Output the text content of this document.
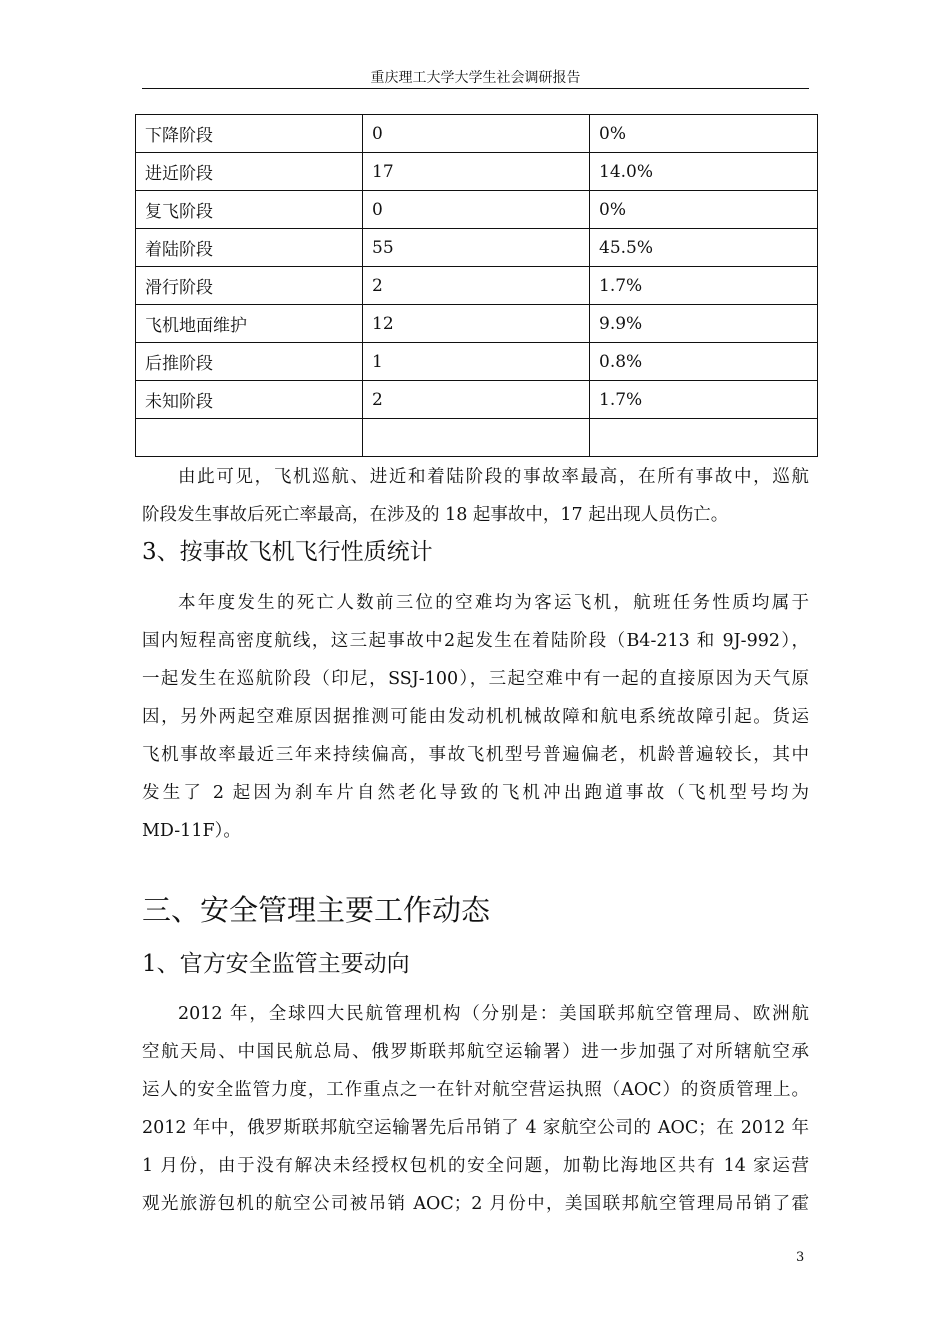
重庆理工大学大学生社会调研报告
下降阶段	0	0%
进近阶段	17	14.0%
复飞阶段	0	0%
着陆阶段	55	45.5%
滑行阶段	2	1.7%
飞机地面维护	12	9.9%
后推阶段	1	0.8%
未知阶段	2	1.7%

由此可见，飞机巡航、进近和着陆阶段的事故率最高，在所有事故中，巡航
阶段发生事故后死亡率最高，在涉及的 18 起事故中，17 起出现人员伤亡。
3、按事故飞机飞行性质统计
本年度发生的死亡人数前三位的空难均为客运飞机，航班任务性质均属于
国内短程高密度航线，这三起事故中2起发生在着陆阶段（B4-213 和 9J-992），
一起发生在巡航阶段（印尼，SSJ-100），三起空难中有一起的直接原因为天气原
因，另外两起空难原因据推测可能由发动机机械故障和航电系统故障引起。货运
飞机事故率最近三年来持续偏高，事故飞机型号普遍偏老，机龄普遍较长，其中
发生了 2 起因为刹车片自然老化导致的飞机冲出跑道事故（飞机型号均为
MD-11F）。
三、安全管理主要工作动态
1、官方安全监管主要动向
2012 年，全球四大民航管理机构（分别是：美国联邦航空管理局、欧洲航
空航天局、中国民航总局、俄罗斯联邦航空运输署）进一步加强了对所辖航空承
运人的安全监管力度，工作重点之一在针对航空营运执照（AOC）的资质管理上。
2012 年中，俄罗斯联邦航空运输署先后吊销了 4 家航空公司的 AOC；在 2012 年
1 月份，由于没有解决未经授权包机的安全问题，加勒比海地区共有 14 家运营
观光旅游包机的航空公司被吊销 AOC；2 月份中，美国联邦航空管理局吊销了霍
3
